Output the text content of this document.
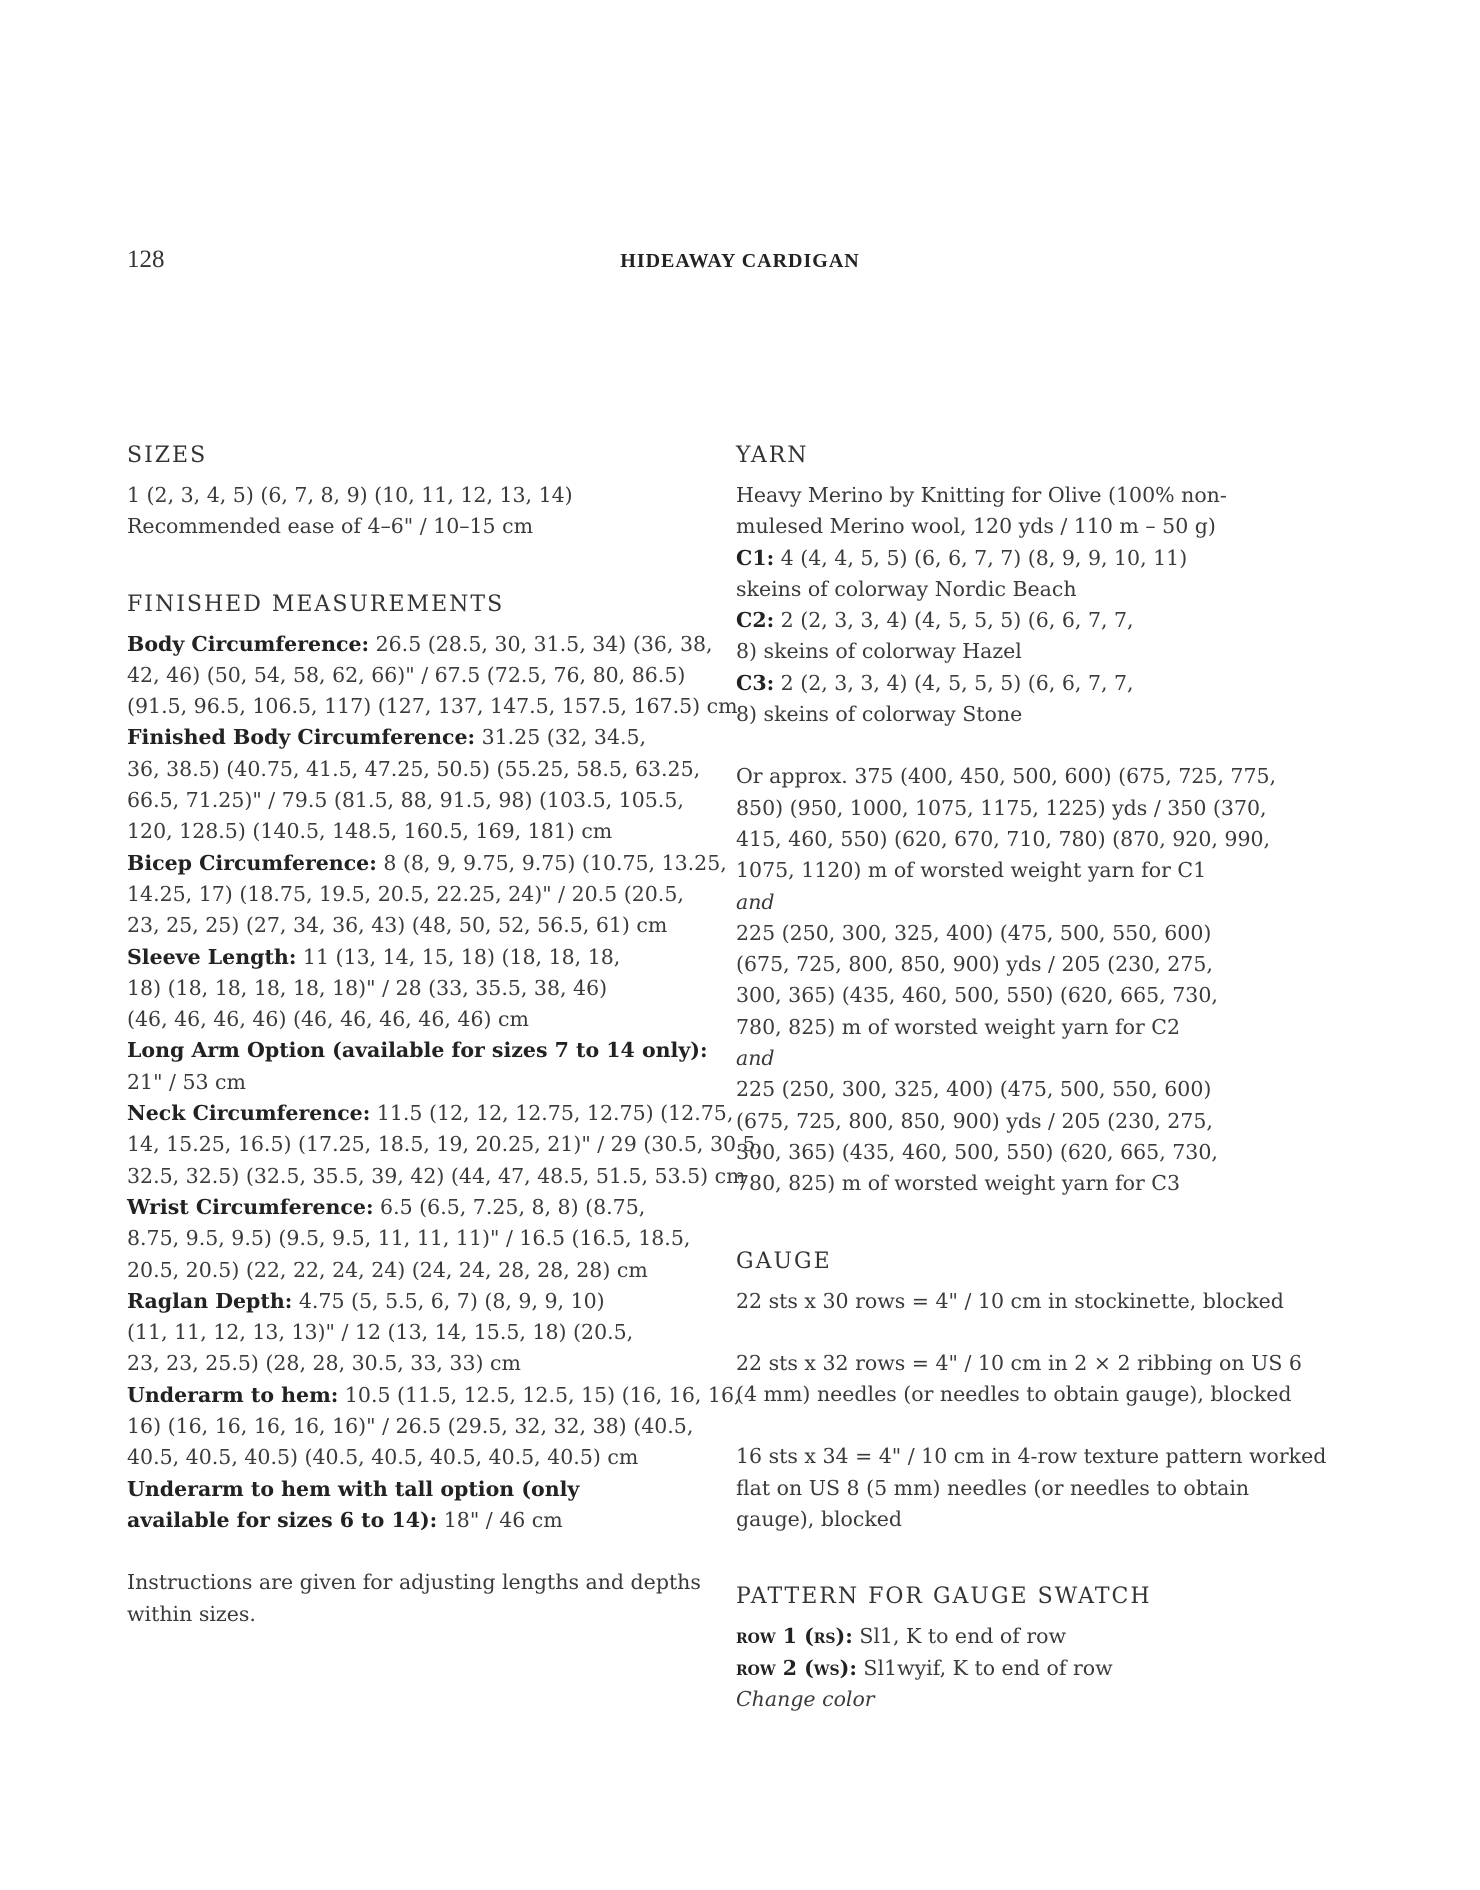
128	HIDEAWAY CARDIGAN
SIZES
1 (2, 3, 4, 5) (6, 7, 8, 9) (10, 11, 12, 13, 14)
Recommended ease of 4–6" / 10–15 cm
FINISHED MEASUREMENTS
Body Circumference: 26.5 (28.5, 30, 31.5, 34) (36, 38,
42, 46) (50, 54, 58, 62, 66)" / 67.5 (72.5, 76, 80, 86.5)
(91.5, 96.5, 106.5, 117) (127, 137, 147.5, 157.5, 167.5) cm
Finished Body Circumference: 31.25 (32, 34.5,
36, 38.5) (40.75, 41.5, 47.25, 50.5) (55.25, 58.5, 63.25,
66.5, 71.25)" / 79.5 (81.5, 88, 91.5, 98) (103.5, 105.5,
120, 128.5) (140.5, 148.5, 160.5, 169, 181) cm
Bicep Circumference: 8 (8, 9, 9.75, 9.75) (10.75, 13.25,
14.25, 17) (18.75, 19.5, 20.5, 22.25, 24)" / 20.5 (20.5,
23, 25, 25) (27, 34, 36, 43) (48, 50, 52, 56.5, 61) cm
Sleeve Length: 11 (13, 14, 15, 18) (18, 18, 18,
18) (18, 18, 18, 18, 18)" / 28 (33, 35.5, 38, 46)
(46, 46, 46, 46) (46, 46, 46, 46, 46) cm
Long Arm Option (available for sizes 7 to 14 only):
21" / 53 cm
Neck Circumference: 11.5 (12, 12, 12.75, 12.75) (12.75,
14, 15.25, 16.5) (17.25, 18.5, 19, 20.25, 21)" / 29 (30.5, 30.5,
32.5, 32.5) (32.5, 35.5, 39, 42) (44, 47, 48.5, 51.5, 53.5) cm
Wrist Circumference: 6.5 (6.5, 7.25, 8, 8) (8.75,
8.75, 9.5, 9.5) (9.5, 9.5, 11, 11, 11)" / 16.5 (16.5, 18.5,
20.5, 20.5) (22, 22, 24, 24) (24, 24, 28, 28, 28) cm
Raglan Depth: 4.75 (5, 5.5, 6, 7) (8, 9, 9, 10)
(11, 11, 12, 13, 13)" / 12 (13, 14, 15.5, 18) (20.5,
23, 23, 25.5) (28, 28, 30.5, 33, 33) cm
Underarm to hem: 10.5 (11.5, 12.5, 12.5, 15) (16, 16, 16,
16) (16, 16, 16, 16, 16)" / 26.5 (29.5, 32, 32, 38) (40.5,
40.5, 40.5, 40.5) (40.5, 40.5, 40.5, 40.5, 40.5) cm
Underarm to hem with tall option (only
available for sizes 6 to 14): 18" / 46 cm
Instructions are given for adjusting lengths and depths
within sizes.
YARN
Heavy Merino by Knitting for Olive (100% non-
mulesed Merino wool, 120 yds / 110 m – 50 g)
C1: 4 (4, 4, 5, 5) (6, 6, 7, 7) (8, 9, 9, 10, 11)
skeins of colorway Nordic Beach
C2: 2 (2, 3, 3, 4) (4, 5, 5, 5) (6, 6, 7, 7,
8) skeins of colorway Hazel
C3: 2 (2, 3, 3, 4) (4, 5, 5, 5) (6, 6, 7, 7,
8) skeins of colorway Stone
Or approx. 375 (400, 450, 500, 600) (675, 725, 775,
850) (950, 1000, 1075, 1175, 1225) yds / 350 (370,
415, 460, 550) (620, 670, 710, 780) (870, 920, 990,
1075, 1120) m of worsted weight yarn for C1
and
225 (250, 300, 325, 400) (475, 500, 550, 600)
(675, 725, 800, 850, 900) yds / 205 (230, 275,
300, 365) (435, 460, 500, 550) (620, 665, 730,
780, 825) m of worsted weight yarn for C2
and
225 (250, 300, 325, 400) (475, 500, 550, 600)
(675, 725, 800, 850, 900) yds / 205 (230, 275,
300, 365) (435, 460, 500, 550) (620, 665, 730,
780, 825) m of worsted weight yarn for C3
GAUGE
22 sts x 30 rows = 4" / 10 cm in stockinette, blocked
22 sts x 32 rows = 4" / 10 cm in 2 × 2 ribbing on US 6
(4 mm) needles (or needles to obtain gauge), blocked
16 sts x 34 = 4" / 10 cm in 4-row texture pattern worked
flat on US 8 (5 mm) needles (or needles to obtain
gauge), blocked
PATTERN FOR GAUGE SWATCH
row 1 (rs): Sl1, K to end of row
row 2 (ws): Sl1wyif, K to end of row
Change color
